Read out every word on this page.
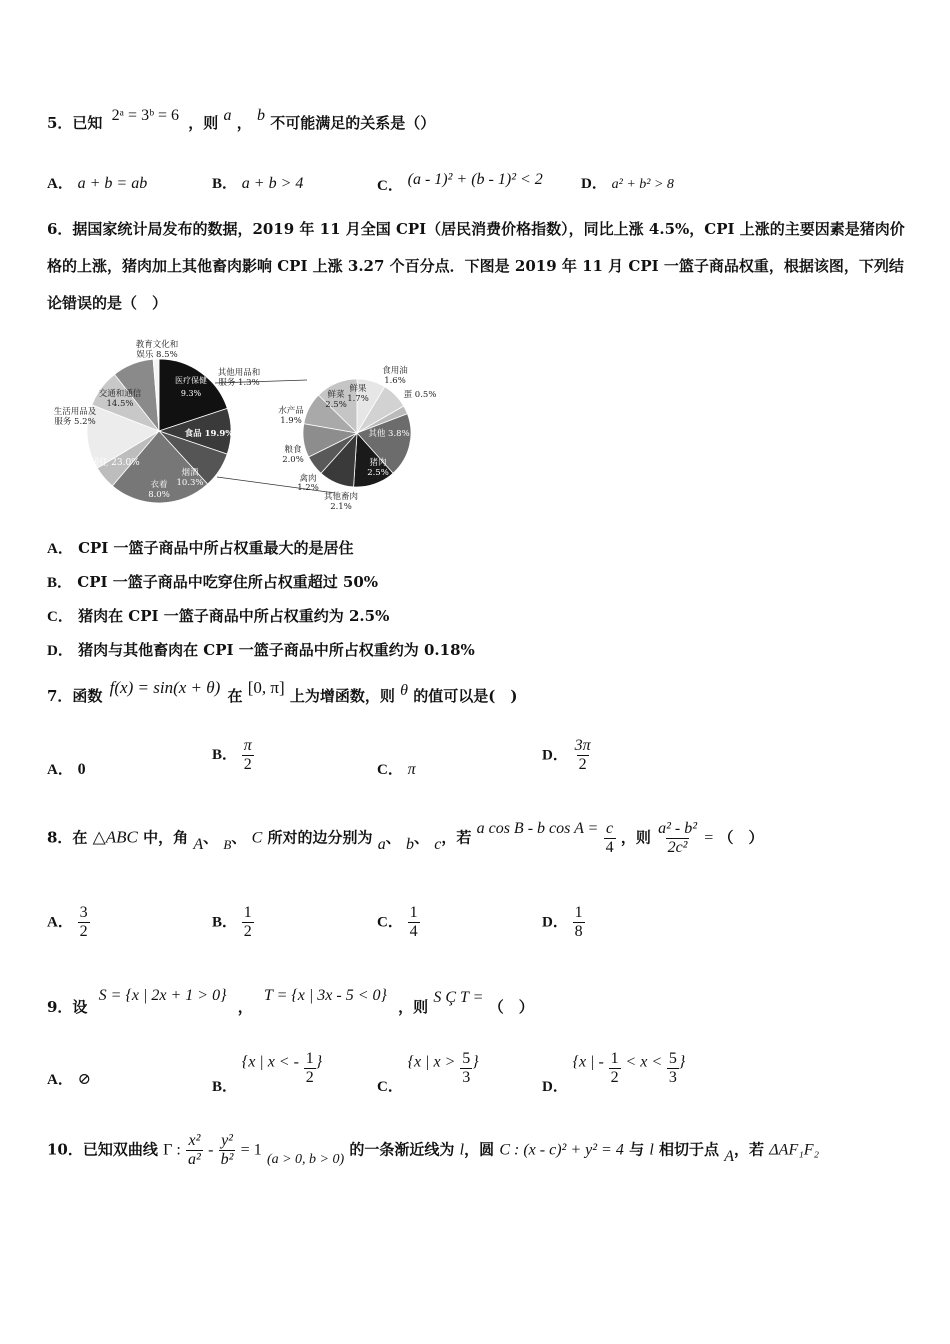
5．已知 2ᵃ = 3ᵇ = 6 ，则 a ， b 不可能满足的关系是（）
A． a + b = ab	B． a + b > 4	C． (a - 1)² + (b - 1)² < 2	D． a² + b² > 8
6．据国家统计局发布的数据，2019 年 11 月全国 CPI（居民消费价格指数），同比上涨 4.5%，CPI 上涨的主要因素是猪肉价格的上涨，猪肉加上其他畜肉影响 CPI 上涨 3.27 个百分点．下图是 2019 年 11 月 CPI 一篮子商品权重，根据该图，下列结论错误的是（　）
教育文化和
娱乐 8.5%
其他用品和
服务 1.3%
交通和通信
14.5%
生活用品及
服务 5.2%
医疗保健
9.3%
食品 19.9%
居住 23.0%
烟酒
10.3%
衣着
8.0%
食用油
1.6%
蛋 0.5%
鲜果
1.7%
鲜菜
2.5%
水产品
1.9%
其他 3.8%
粮食
2.0%	猪肉
2.5%
禽肉
1.2%
其他畜肉
2.1%
A． CPI 一篮子商品中所占权重最大的是居住
B． CPI 一篮子商品中吃穿住所占权重超过 50%
C． 猪肉在 CPI 一篮子商品中所占权重约为 2.5%
D． 猪肉与其他畜肉在 CPI 一篮子商品中所占权重约为 0.18%
7．函数 f(x) = sin(x + θ) 在 [0, π] 上为增函数，则 θ 的值可以是(　)
A． 0
B． $\frac{\pi}{2}$	C． π
D． $\frac{3\pi}{2}$
8．在 △ABC 中，角 A、 B、 C 所对的边分别为 a、 b、 c，若 a cos B - b $\cos A = \frac{c}{4}$ ，则 $\frac{\text{a² - b²}}{\text{2c²}}$ = （　）
A． $\frac{3}{2}$	B． $\frac{1}{2}$	C． $\frac{1}{4}$	D． $\frac{1}{8}$
9．设 S = {x | 2x + 1 > 0} ， T = {x | 3x - 5 < 0} ，则 S Ç T = （　）
A． ⊘	B． {x | x < - $\frac{1}{2}$ }
C． {x | $x > \frac{5}{3}$ }
D． {x | - $\frac{1}{2} < x < \frac{5}{3}$ }
10．已知双曲线 Γ : $\frac{\text{x²}}{\text{a²}} - \frac{\text{y²}}{\text{b²}} = 1$ (a > 0, b > 0) 的一条渐近线为 l，圆 C : (x - c)² + y² = 4 与 l 相切于点 A，若 ΔAF₁F₂
